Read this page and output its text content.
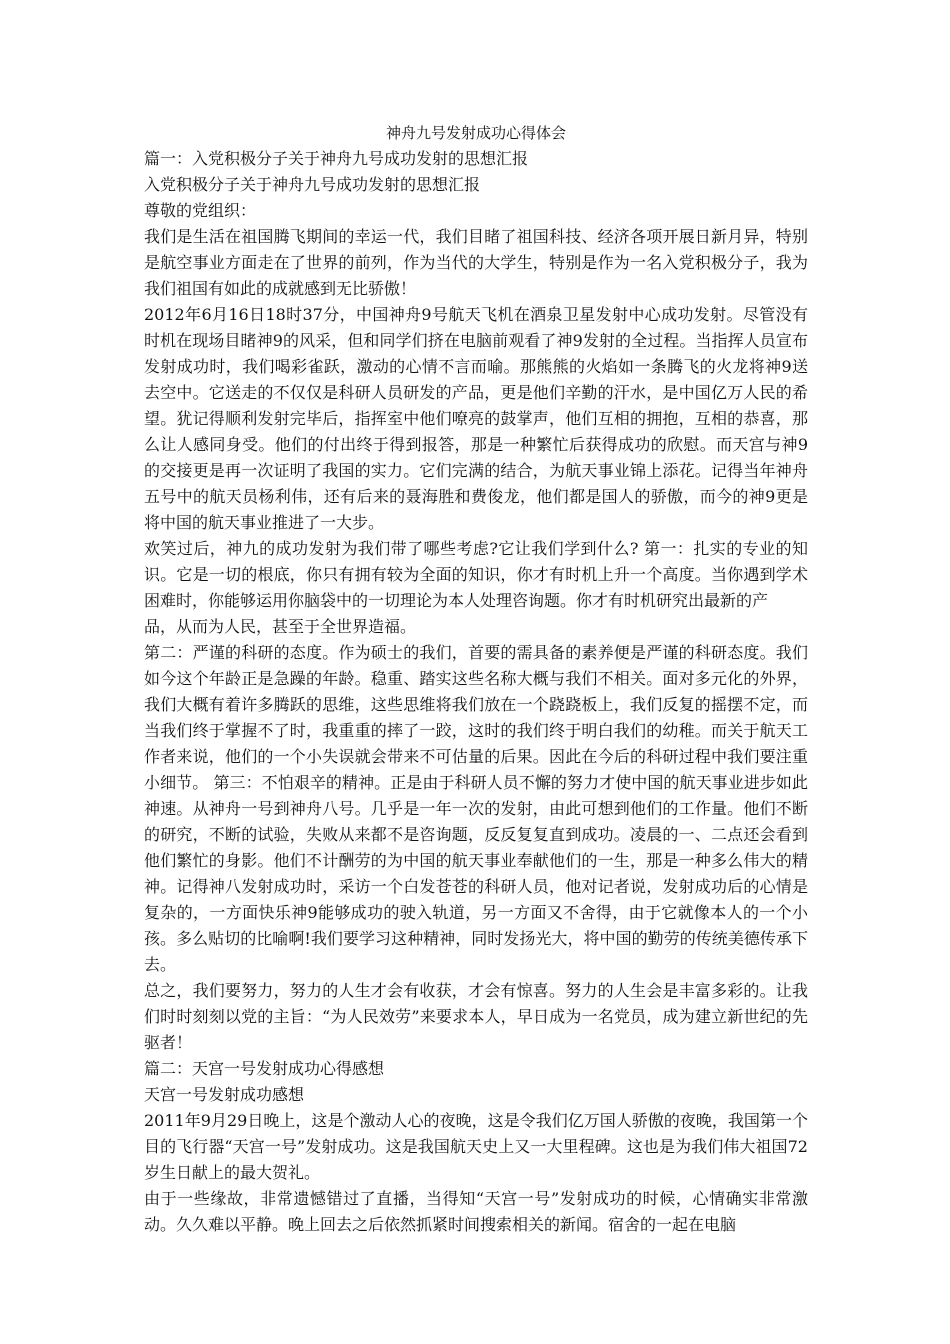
神舟九号发射成功心得体会

篇一：入党积极分子关于神舟九号成功发射的思想汇报

入党积极分子关于神舟九号成功发射的思想汇报

尊敬的党组织：

我们是生活在祖国腾飞期间的幸运一代，我们目睹了祖国科技、经济各项开展日新月异，特别是航空事业方面走在了世界的前列，作为当代的大学生，特别是作为一名入党积极分子，我为我们祖国有如此的成就感到无比骄傲！

2012年6月16日18时37分，中国神舟9号航天飞机在酒泉卫星发射中心成功发射。尽管没有时机在现场目睹神9的风采，但和同学们挤在电脑前观看了神9发射的全过程。当指挥人员宣布发射成功时，我们喝彩雀跃，激动的心情不言而喻。那熊熊的火焰如一条腾飞的火龙将神9送去空中。它送走的不仅仅是科研人员研发的产品，更是他们辛勤的汗水，是中国亿万人民的希望。犹记得顺利发射完毕后，指挥室中他们嘹亮的鼓掌声，他们互相的拥抱，互相的恭喜，那么让人感同身受。他们的付出终于得到报答，那是一种繁忙后获得成功的欣慰。而天宫与神9的交接更是再一次证明了我国的实力。它们完满的结合，为航天事业锦上添花。记得当年神舟五号中的航天员杨利伟，还有后来的聂海胜和费俊龙，他们都是国人的骄傲，而今的神9更是将中国的航天事业推进了一大步。

欢笑过后，神九的成功发射为我们带了哪些考虑?它让我们学到什么? 第一：扎实的专业的知识。它是一切的根底，你只有拥有较为全面的知识，你才有时机上升一个高度。当你遇到学术困难时，你能够运用你脑袋中的一切理论为本人处理咨询题。你才有时机研究出最新的产

品，从而为人民，甚至于全世界造福。

第二：严谨的科研的态度。作为硕士的我们，首要的需具备的素养便是严谨的科研态度。我们如今这个年龄正是急躁的年龄。稳重、踏实这些名称大概与我们不相关。面对多元化的外界，我们大概有着许多腾跃的思维，这些思维将我们放在一个跷跷板上，我们反复的摇摆不定，而当我们终于掌握不了时，我重重的摔了一跤，这时的我们终于明白我们的幼稚。而关于航天工作者来说，他们的一个小失误就会带来不可估量的后果。因此在今后的科研过程中我们要注重小细节。 第三：不怕艰辛的精神。正是由于科研人员不懈的努力才使中国的航天事业进步如此神速。从神舟一号到神舟八号。几乎是一年一次的发射，由此可想到他们的工作量。他们不断的研究，不断的试验，失败从来都不是咨询题，反反复复直到成功。凌晨的一、二点还会看到他们繁忙的身影。他们不计酬劳的为中国的航天事业奉献他们的一生，那是一种多么伟大的精神。记得神八发射成功时，采访一个白发苍苍的科研人员，他对记者说，发射成功后的心情是复杂的，一方面快乐神9能够成功的驶入轨道，另一方面又不舍得，由于它就像本人的一个小孩。多么贴切的比喻啊!我们要学习这种精神，同时发扬光大，将中国的勤劳的传统美德传承下去。

总之，我们要努力，努力的人生才会有收获，才会有惊喜。努力的人生会是丰富多彩的。让我们时时刻刻以党的主旨：“为人民效劳”来要求本人，早日成为一名党员，成为建立新世纪的先驱者！

篇二：天宫一号发射成功心得感想

天宫一号发射成功感想

2011年9月29日晚上，这是个激动人心的夜晚，这是令我们亿万国人骄傲的夜晚，我国第一个目的飞行器“天宫一号”发射成功。这是我国航天史上又一大里程碑。这也是为我们伟大祖国72岁生日献上的最大贺礼。

由于一些缘故，非常遗憾错过了直播，当得知“天宫一号”发射成功的时候，心情确实非常激动。久久难以平静。晚上回去之后依然抓紧时间搜索相关的新闻。宿舍的一起在电脑
